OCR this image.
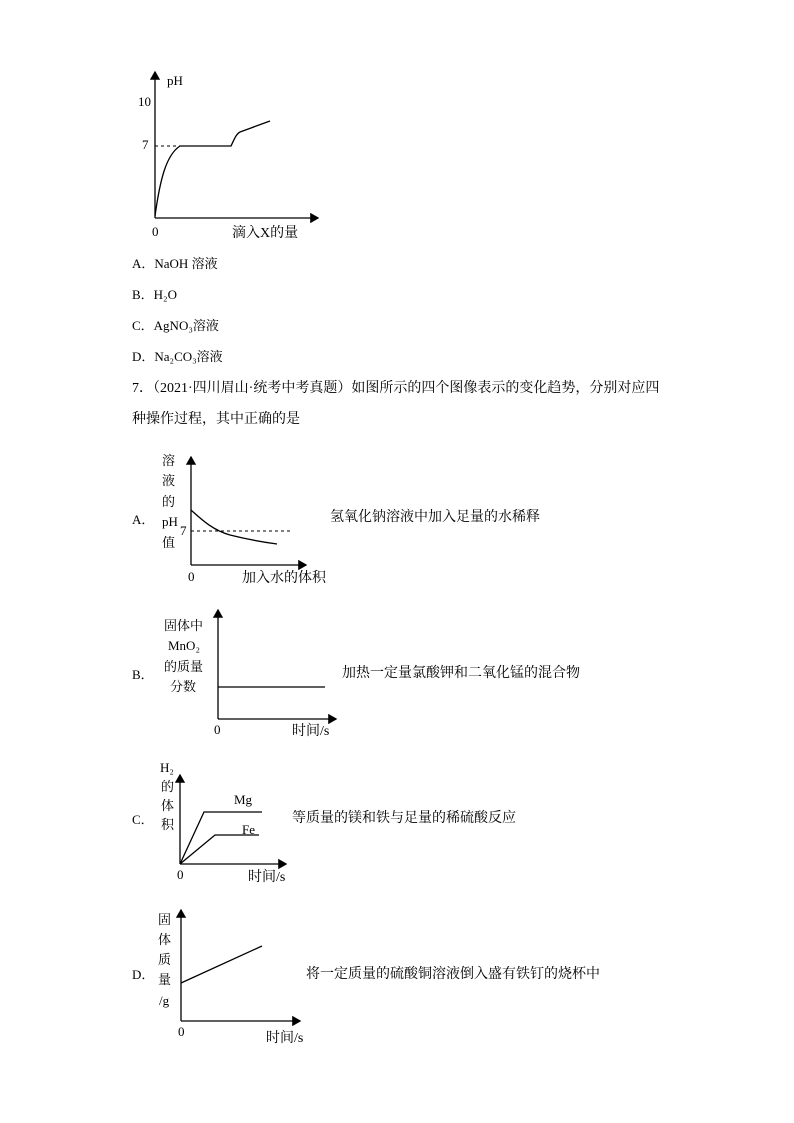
pH
10
7
0	滴入X的量
A．NaOH 溶液
B．H₂O
C．AgNO₃溶液
D．Na₂CO₃溶液
7．（2021·四川眉山·统考中考真题）如图所示的四个图像表示的变化趋势，分别对应四
种操作过程，其中正确的是
A．
溶
液
的
pH
值
7
0	加入水的体积
氢氧化钠溶液中加入足量的水稀释
B．
固体中
MnO₂
的质量
分数
0	时间/s
加热一定量氯酸钾和二氧化锰的混合物
C．
H₂
的
体
积
Mg
Fe
0	时间/s
等质量的镁和铁与足量的稀硫酸反应
D．
固
体
质
量
/g
0	时间/s
将一定质量的硫酸铜溶液倒入盛有铁钉的烧杯中
